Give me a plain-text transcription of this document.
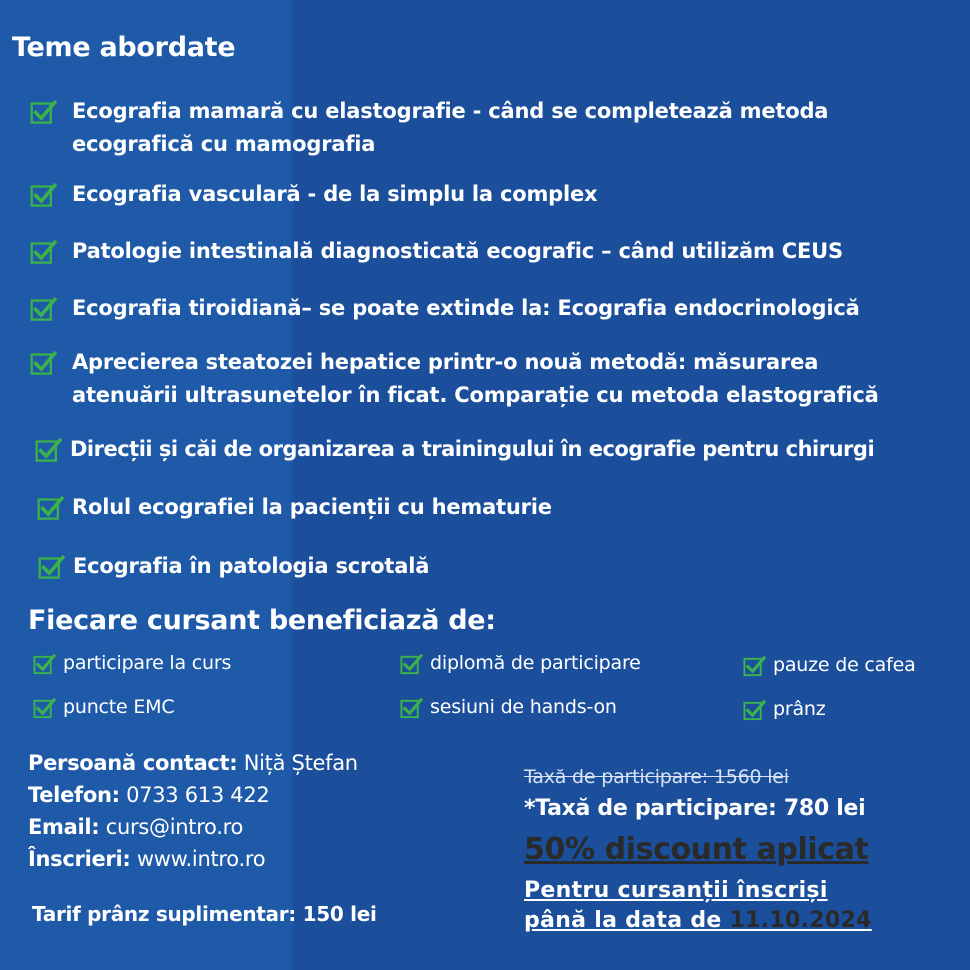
Teme abordate
Ecografia mamară cu elastografie - când se completează metoda
ecografică cu mamografia
Ecografia vasculară - de la simplu la complex
Patologie intestinală diagnosticată ecografic – când utilizăm CEUS
Ecografia tiroidiană– se poate extinde la: Ecografia endocrinologică
Aprecierea steatozei hepatice printr-o nouă metodă: măsurarea
atenuării ultrasunetelor în ficat. Comparație cu metoda elastografică
Direcții și căi de organizarea a trainingului în ecografie pentru chirurgi
Rolul ecografiei la pacienții cu hematurie
Ecografia în patologia scrotală
Fiecare cursant beneficiază de:
participare la curs	diplomă de participare	pauze de cafea
puncte EMC	sesiuni de hands-on	prânz
Persoană contact: Niță Ștefan
Telefon: 0733 613 422
Email: curs@intro.ro
Înscrieri: www.intro.ro
Tarif prânz suplimentar: 150 lei
Taxă de participare: 1560 lei
*Taxă de participare: 780 lei
50% discount aplicat
Pentru cursanții înscriși
până la data de 11.10.2024
